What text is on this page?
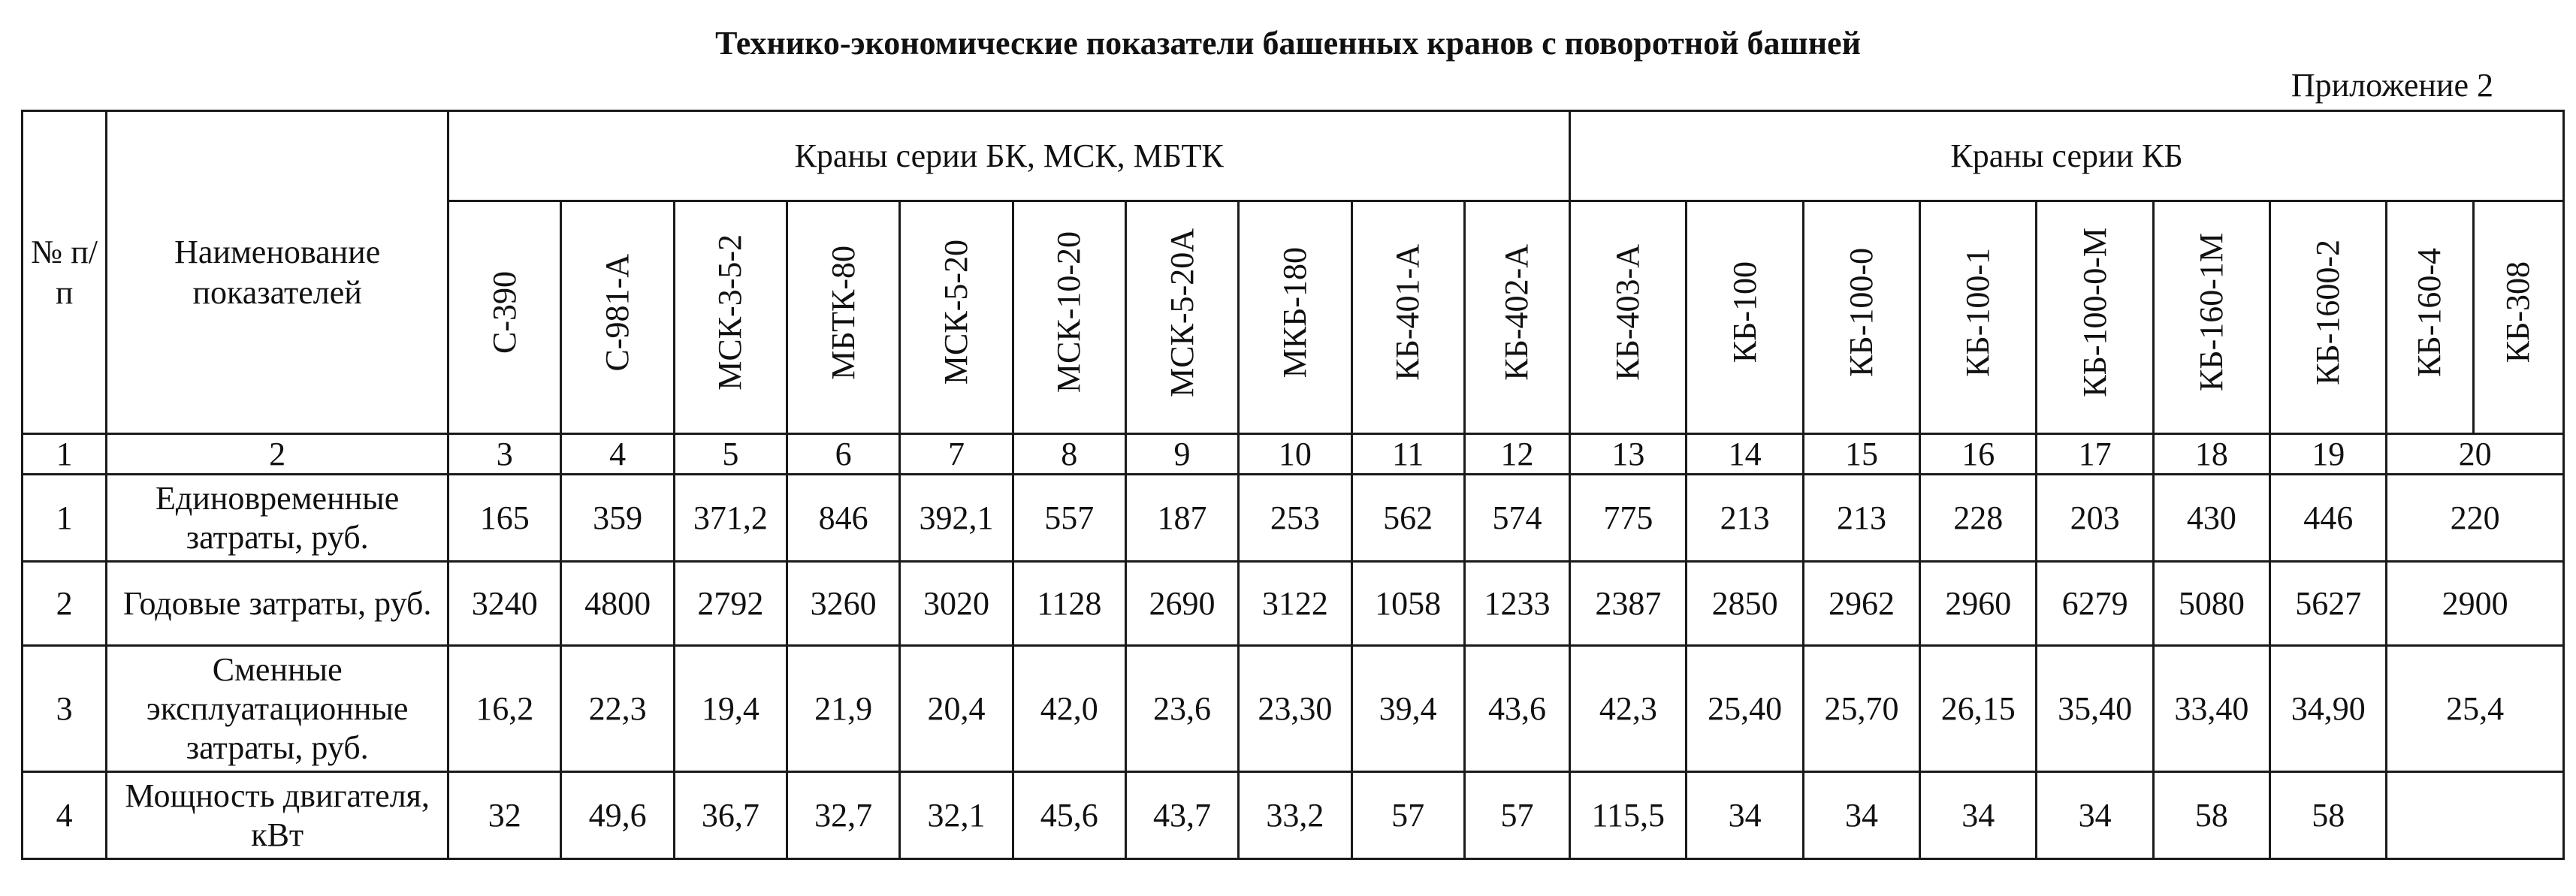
Технико-экономические показатели башенных кранов с поворотной башней
Приложение 2
№ п/п	Наименование показателей	Краны серии БК, МСК, МБТК										Краны серии КБ								
		С-390	С-981-А	МСК-3-5-2	МБТК-80	МСК-5-20	МСК-10-20	МСК-5-20А	МКБ-180	КБ-401-А	КБ-402-А	КБ-403-А	КБ-100	КБ-100-0	КБ-100-1	КБ-100-0-М	КБ-160-1М	КБ-1600-2	КБ-160-4	КБ-308
1	2	3	4	5	6	7	8	9	10	11	12	13	14	15	16	17	18	19	20	
1	Единовременные затраты, руб.	165	359	371,2	846	392,1	557	187	253	562	574	775	213	213	228	203	430	446	220	
2	Годовые затраты, руб.	3240	4800	2792	3260	3020	1128	2690	3122	1058	1233	2387	2850	2962	2960	6279	5080	5627	2900	
3	Сменные эксплуатационные затраты, руб.	16,2	22,3	19,4	21,9	20,4	42,0	23,6	23,30	39,4	43,6	42,3	25,40	25,70	26,15	35,40	33,40	34,90	25,4	
4	Мощность двигателя, кВт	32	49,6	36,7	32,7	32,1	45,6	43,7	33,2	57	57	115,5	34	34	34	34	58	58		
